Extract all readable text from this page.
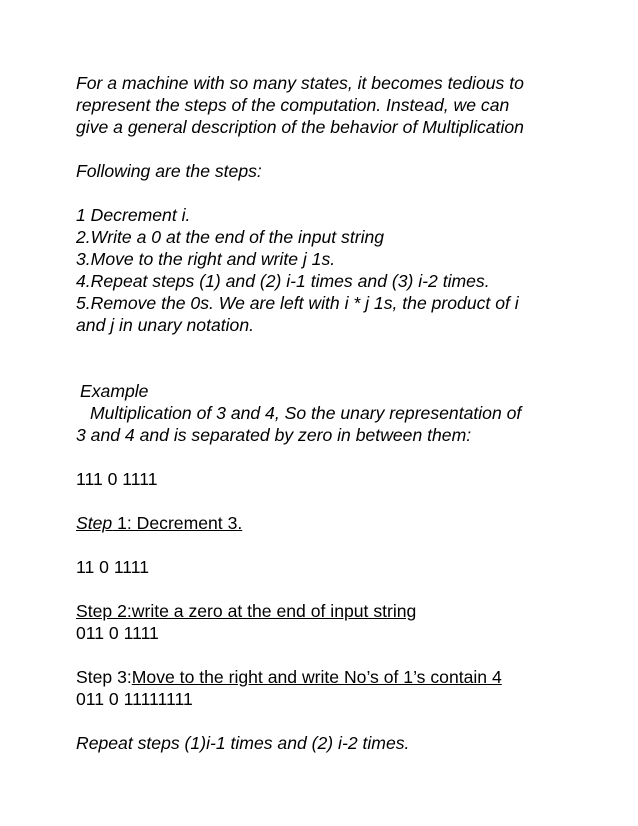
For a machine with so many states, it becomes tedious to
represent the steps of the computation. Instead, we can
give a general description of the behavior of Multiplication
Following are the steps:
1 Decrement i.
2.Write a 0 at the end of the input string
3.Move to the right and write j 1s.
4.Repeat steps (1) and (2) i-1 times and (3) i-2 times.
5.Remove the 0s. We are left with i * j 1s, the product of i
and j in unary notation.
Example
Multiplication of 3 and 4, So the unary representation of
3 and 4 and is separated by zero in between them:
111 0 1111
Step 1: Decrement 3.
11 0 1111
Step 2:write a zero at the end of input string
011 0 1111
Step 3:Move to the right and write No’s of 1’s contain 4
011 0 11111111
Repeat steps (1)i-1 times and (2) i-2 times.
